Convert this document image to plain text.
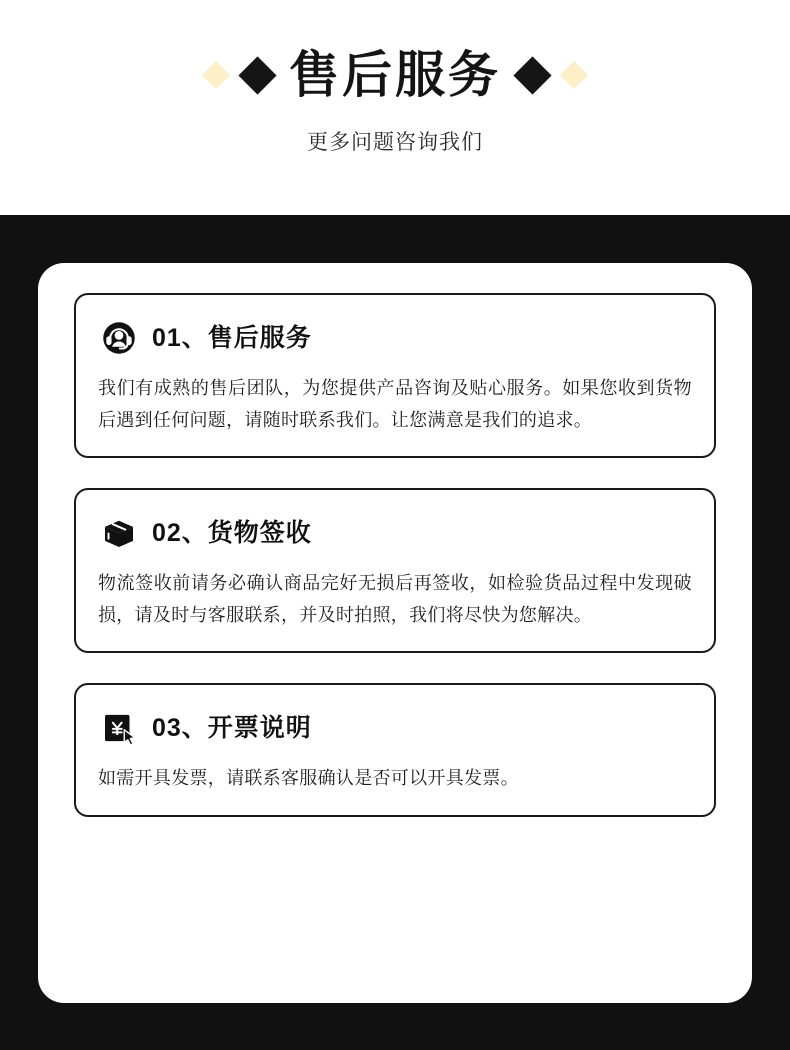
售后服务
更多问题咨询我们
01、售后服务
我们有成熟的售后团队，为您提供产品咨询及贴心服务。如果您收到货物后遇到任何问题，请随时联系我们。让您满意是我们的追求。
02、货物签收
物流签收前请务必确认商品完好无损后再签收，如检验货品过程中发现破损，请及时与客服联系，并及时拍照，我们将尽快为您解决。
03、开票说明
如需开具发票，请联系客服确认是否可以开具发票。
